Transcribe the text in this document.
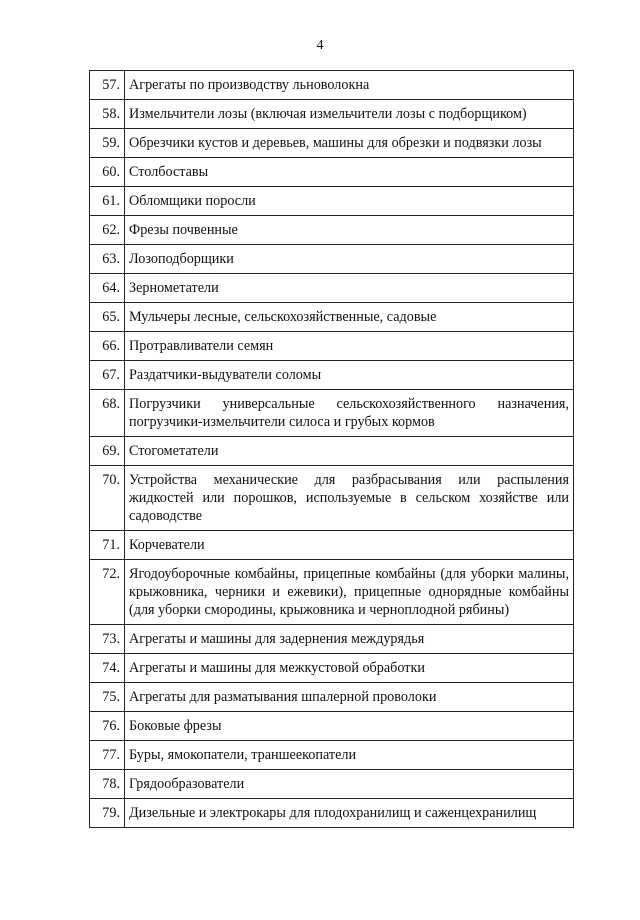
4
57.	Агрегаты по производству льноволокна
58.	Измельчители лозы (включая измельчители лозы с подборщиком)
59.	Обрезчики кустов и деревьев, машины для обрезки и подвязки лозы
60.	Столбоставы
61.	Обломщики поросли
62.	Фрезы почвенные
63.	Лозоподборщики
64.	Зернометатели
65.	Мульчеры лесные, сельскохозяйственные, садовые
66.	Протравливатели семян
67.	Раздатчики-выдуватели соломы
68.	Погрузчики универсальные сельскохозяйственного назначения, погрузчики-измельчители силоса и грубых кормов
69.	Стогометатели
70.	Устройства механические для разбрасывания или распыления жидкостей или порошков, используемые в сельском хозяйстве или садоводстве
71.	Корчеватели
72.	Ягодоуборочные комбайны, прицепные комбайны (для уборки малины, крыжовника, черники и ежевики), прицепные однорядные комбайны (для уборки смородины, крыжовника и черноплодной рябины)
73.	Агрегаты и машины для задернения междурядья
74.	Агрегаты и машины для межкустовой обработки
75.	Агрегаты для разматывания шпалерной проволоки
76.	Боковые фрезы
77.	Буры, ямокопатели, траншеекопатели
78.	Грядообразователи
79.	Дизельные и электрокары для плодохранилищ и саженцехранилищ
